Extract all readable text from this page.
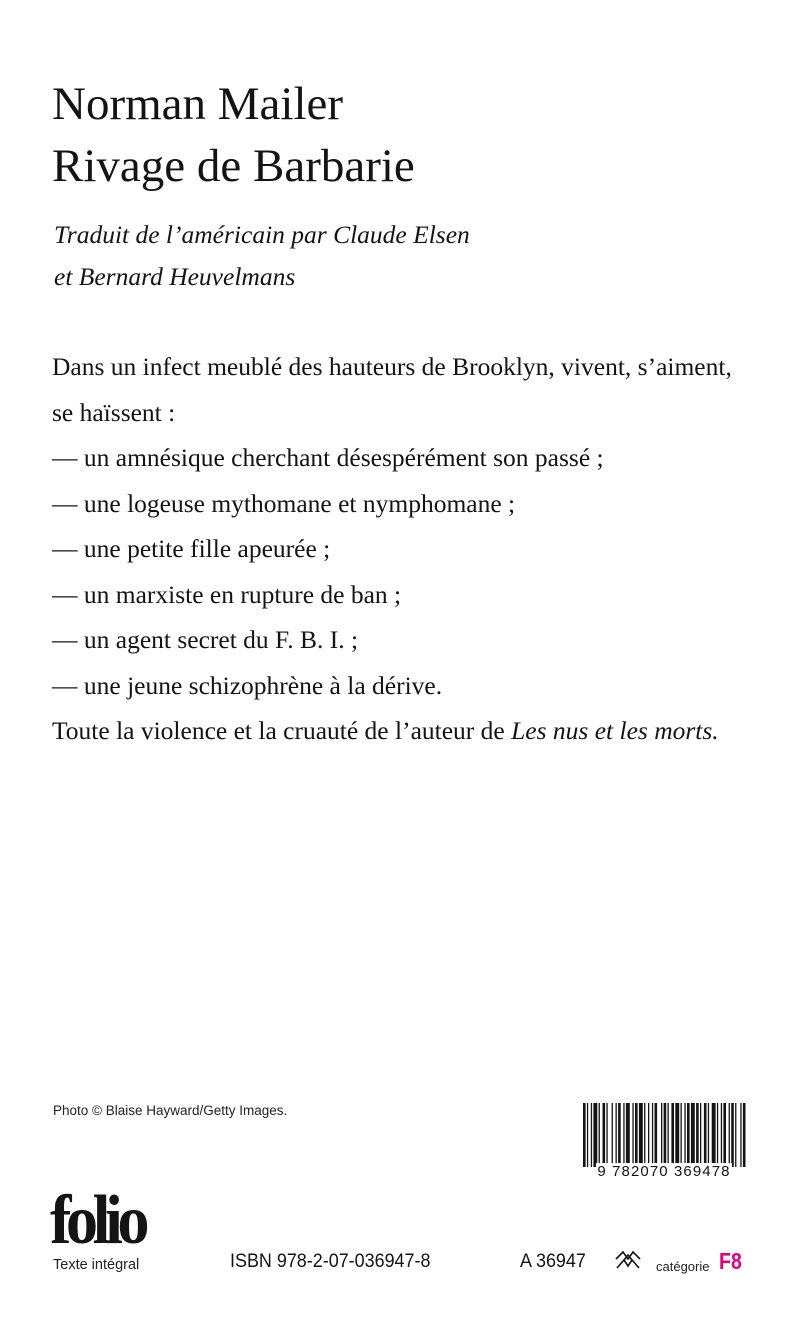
Norman Mailer
Rivage de Barbarie
Traduit de l’américain par Claude Elsen
et Bernard Heuvelmans

Dans un infect meublé des hauteurs de Brooklyn, vivent, s’aiment, se haïssent :

— un amnésique cherchant désespérément son passé ;

— une logeuse mythomane et nymphomane ;

— une petite fille apeurée ;

— un marxiste en rupture de ban ;

— un agent secret du F. B. I. ;

— une jeune schizophrène à la dérive.

Toute la violence et la cruauté de l’auteur de Les nus et les morts.

Photo © Blaise Hayward/Getty Images.
9 782070 369478
folio
Texte intégral	ISBN 978-2-07-036947-8	A 36947	catégorie F8
